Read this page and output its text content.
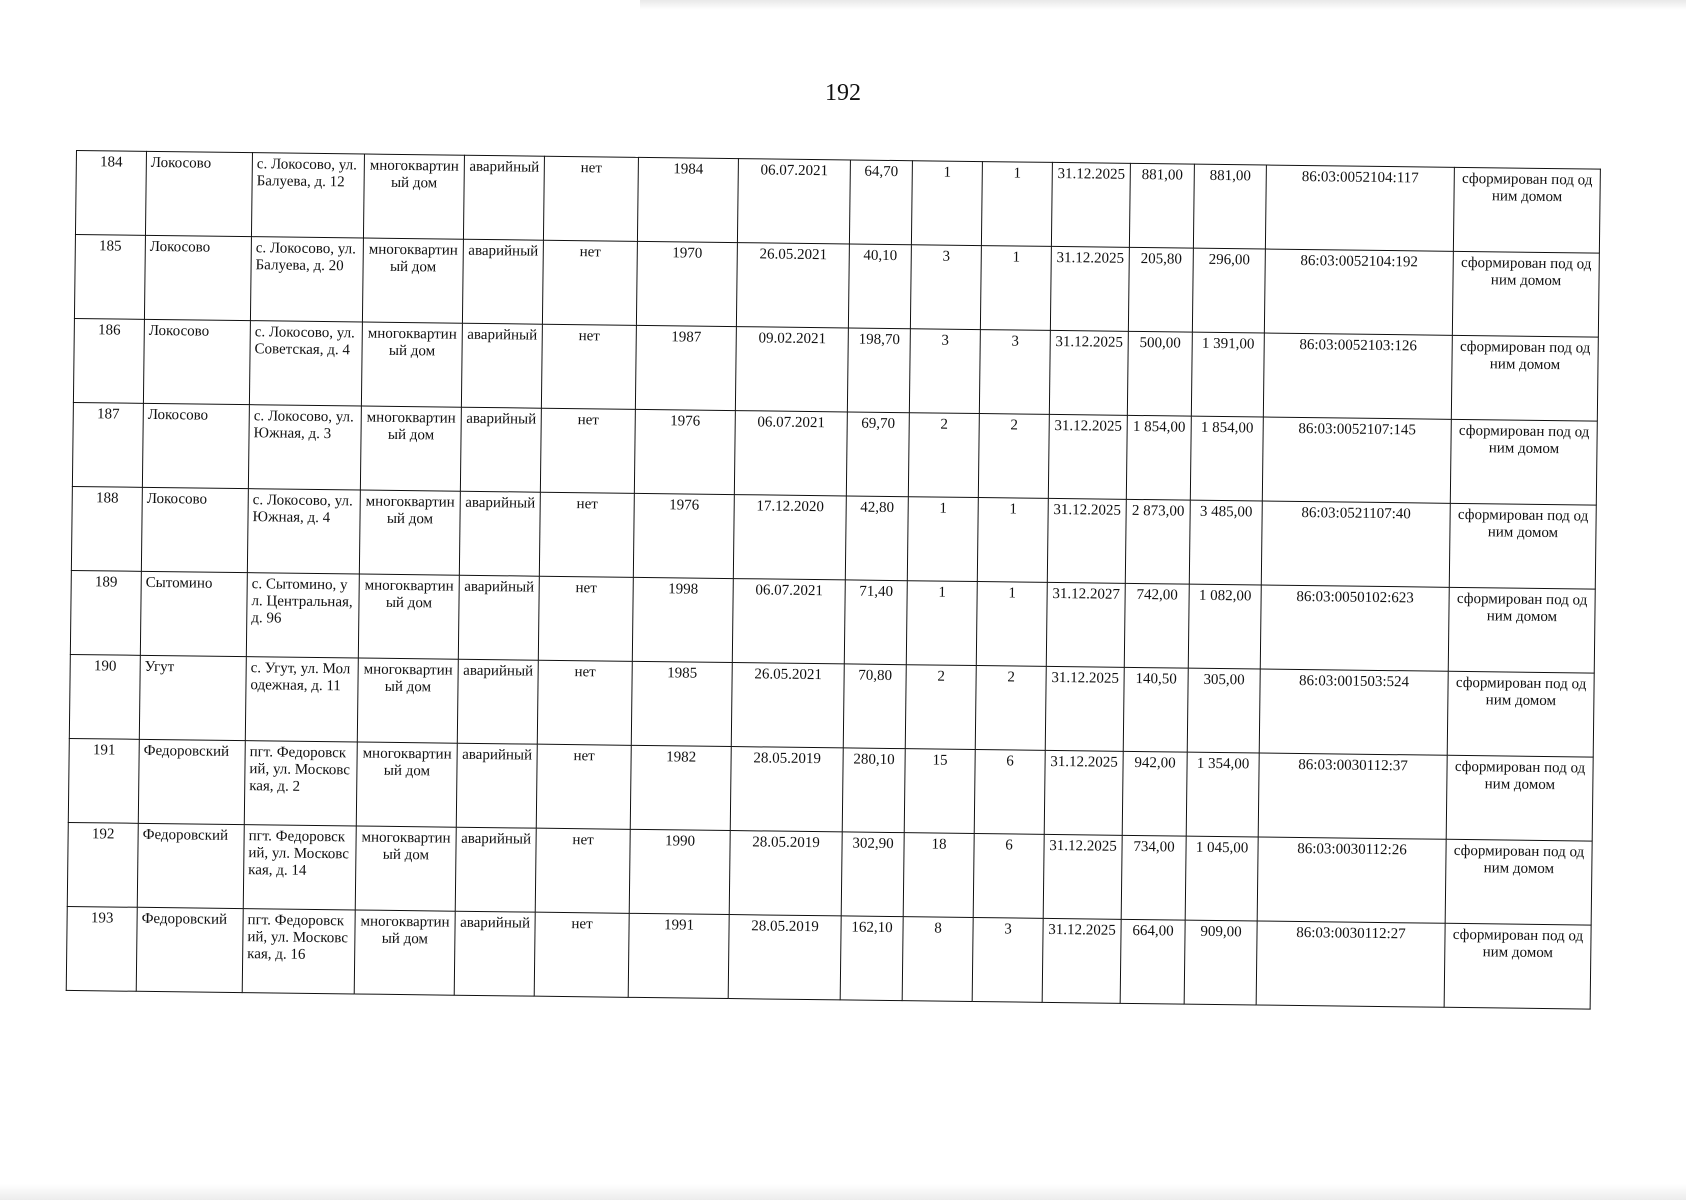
192
184	Локосово	с. Локосово, ул. Балуева, д. 12	многоквартиный дом	аварийный	нет	1984	06.07.2021	64,70	1	1	31.12.2025	881,00	881,00	86:03:0052104:117	сформирован под одним домом
185	Локосово	с. Локосово, ул. Балуева, д. 20	многоквартиный дом	аварийный	нет	1970	26.05.2021	40,10	3	1	31.12.2025	205,80	296,00	86:03:0052104:192	сформирован под одним домом
186	Локосово	с. Локосово, ул. Советская, д. 4	многоквартиный дом	аварийный	нет	1987	09.02.2021	198,70	3	3	31.12.2025	500,00	1 391,00	86:03:0052103:126	сформирован под одним домом
187	Локосово	с. Локосово, ул. Южная, д. 3	многоквартиный дом	аварийный	нет	1976	06.07.2021	69,70	2	2	31.12.2025	1 854,00	1 854,00	86:03:0052107:145	сформирован под одним домом
188	Локосово	с. Локосово, ул. Южная, д. 4	многоквартиный дом	аварийный	нет	1976	17.12.2020	42,80	1	1	31.12.2025	2 873,00	3 485,00	86:03:0521107:40	сформирован под одним домом
189	Сытомино	с. Сытомино, ул. Центральная, д. 96	многоквартиный дом	аварийный	нет	1998	06.07.2021	71,40	1	1	31.12.2027	742,00	1 082,00	86:03:0050102:623	сформирован под одним домом
190	Угут	с. Угут, ул. Молодежная, д. 11	многоквартиный дом	аварийный	нет	1985	26.05.2021	70,80	2	2	31.12.2025	140,50	305,00	86:03:001503:524	сформирован под одним домом
191	Федоровский	пгт. Федоровский, ул. Московская, д. 2	многоквартиный дом	аварийный	нет	1982	28.05.2019	280,10	15	6	31.12.2025	942,00	1 354,00	86:03:0030112:37	сформирован под одним домом
192	Федоровский	пгт. Федоровский, ул. Московская, д. 14	многоквартиный дом	аварийный	нет	1990	28.05.2019	302,90	18	6	31.12.2025	734,00	1 045,00	86:03:0030112:26	сформирован под одним домом
193	Федоровский	пгт. Федоровский, ул. Московская, д. 16	многоквартиный дом	аварийный	нет	1991	28.05.2019	162,10	8	3	31.12.2025	664,00	909,00	86:03:0030112:27	сформирован под одним домом
